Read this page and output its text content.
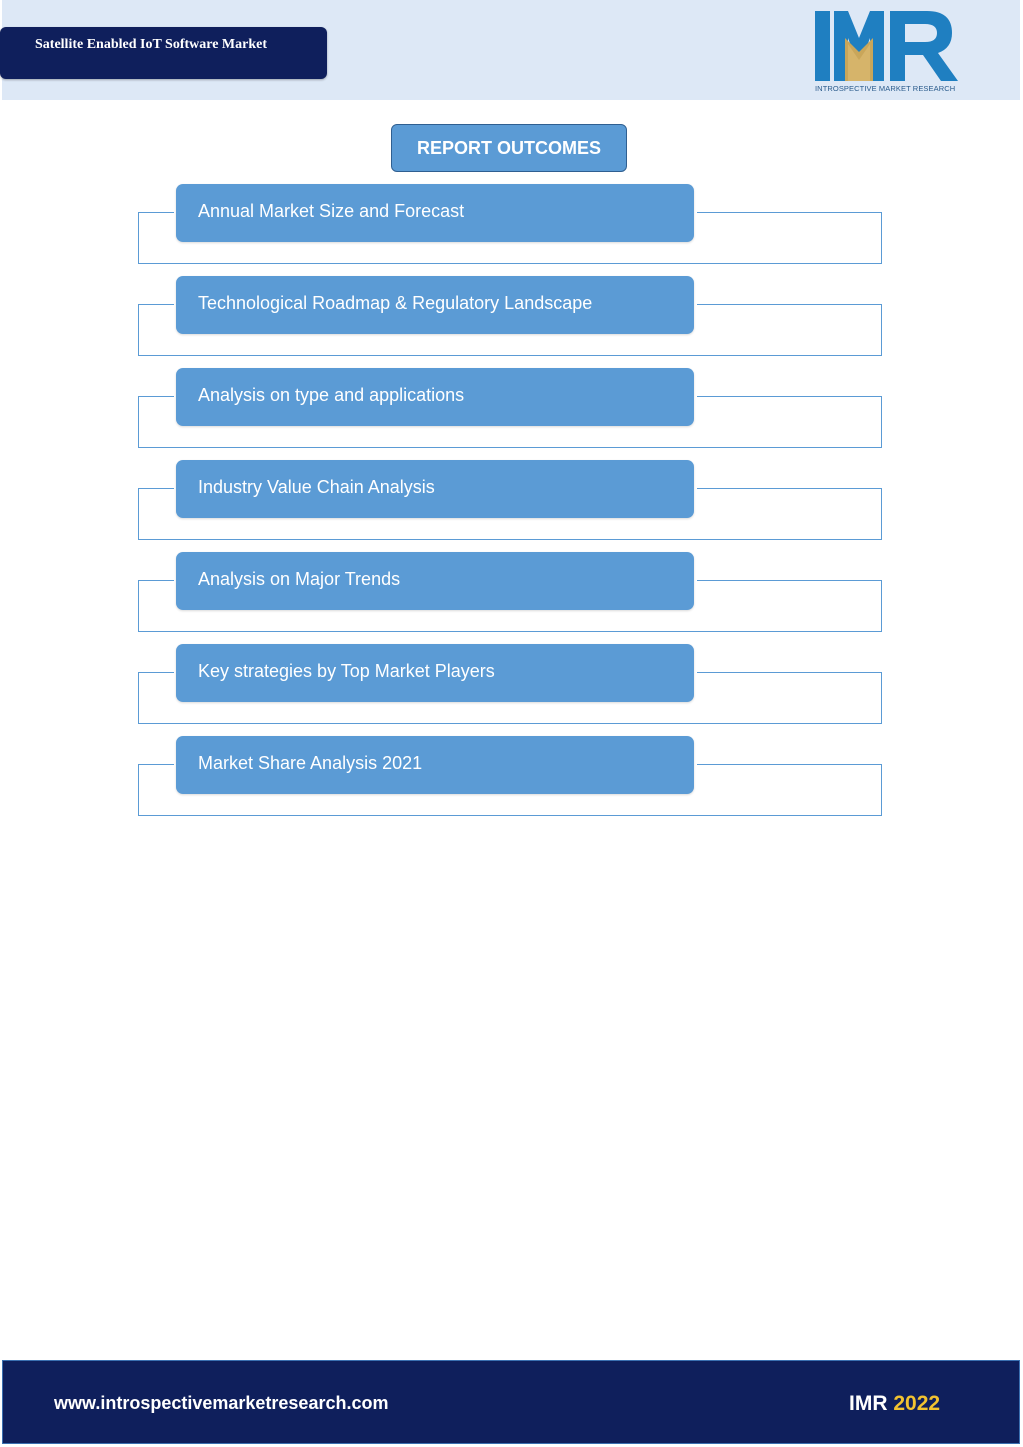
Satellite Enabled IoT Software Market
INTROSPECTIVE MARKET RESEARCH
REPORT OUTCOMES
Annual Market Size and Forecast
Technological Roadmap & Regulatory Landscape
Analysis on type and applications
Industry Value Chain Analysis
Analysis on Major Trends
Key strategies by Top Market Players
Market Share Analysis 2021
www.introspectivemarketresearch.com	IMR 2022
